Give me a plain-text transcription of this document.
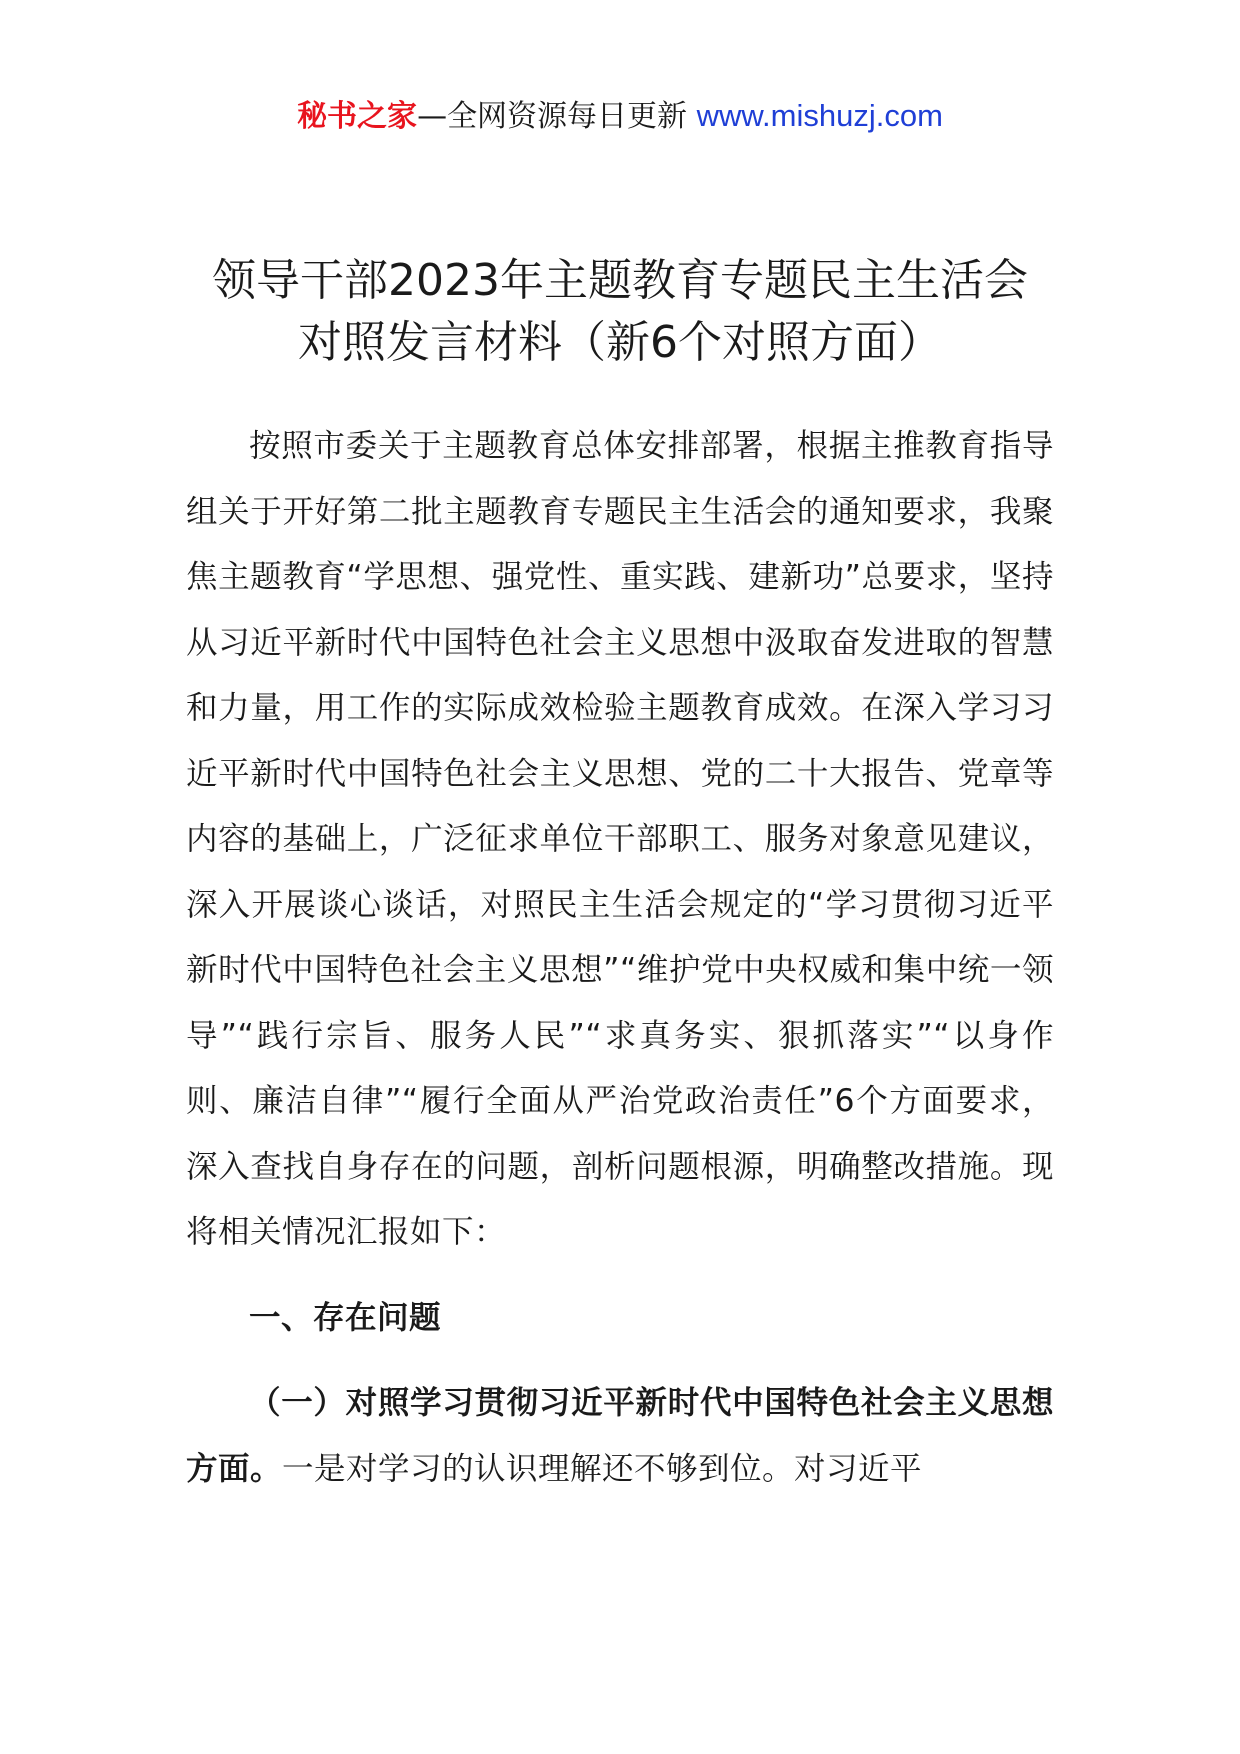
秘书之家—全网资源每日更新 www.mishuzj.com
领导干部2023年主题教育专题民主生活会
对照发言材料（新6个对照方面）

按照市委关于主题教育总体安排部署，根据主推教育指导组关于开好第二批主题教育专题民主生活会的通知要求，我聚焦主题教育“学思想、强党性、重实践、建新功”总要求，坚持从习近平新时代中国特色社会主义思想中汲取奋发进取的智慧和力量，用工作的实际成效检验主题教育成效。在深入学习习近平新时代中国特色社会主义思想、党的二十大报告、党章等内容的基础上，广泛征求单位干部职工、服务对象意见建议，深入开展谈心谈话，对照民主生活会规定的“学习贯彻习近平新时代中国特色社会主义思想”“维护党中央权威和集中统一领导”“践行宗旨、服务人民”“求真务实、狠抓落实”“以身作则、廉洁自律”“履行全面从严治党政治责任”6个方面要求，深入查找自身存在的问题，剖析问题根源，明确整改措施。现将相关情况汇报如下：

一、存在问题

（一）对照学习贯彻习近平新时代中国特色社会主义思想方面。一是对学习的认识理解还不够到位。对习近平
